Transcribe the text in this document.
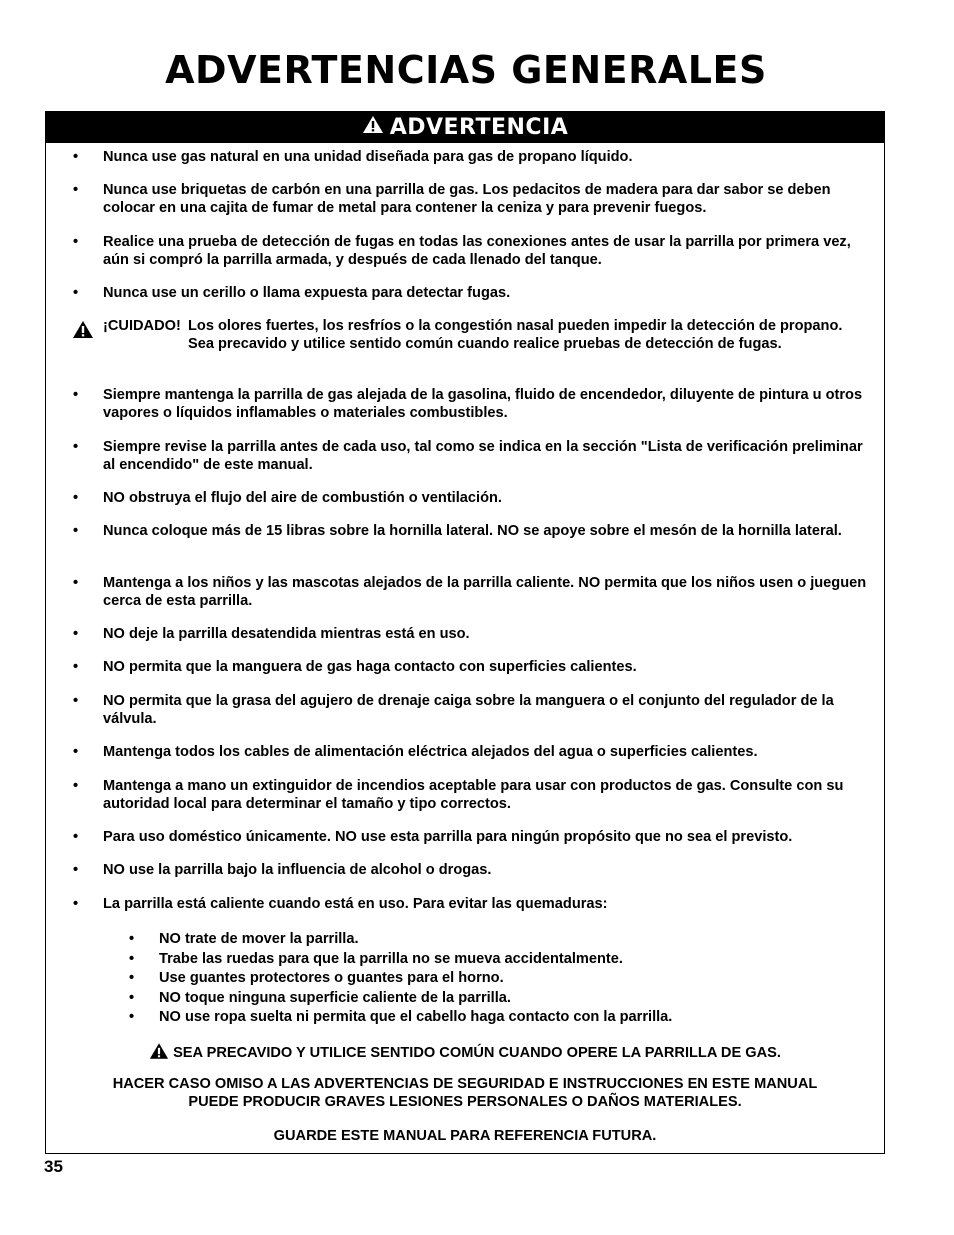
ADVERTENCIAS GENERALES
ADVERTENCIA
• Nunca use gas natural en una unidad diseñada para gas de propano líquido.
• Nunca use briquetas de carbón en una parrilla de gas. Los pedacitos de madera para dar sabor se deben colocar en una cajita de fumar de metal para contener la ceniza y para prevenir fuegos.
• Realice una prueba de detección de fugas en todas las conexiones antes de usar la parrilla por primera vez, aún si compró la parrilla armada, y después de cada llenado del tanque.
• Nunca use un cerillo o llama expuesta para detectar fugas.
¡CUIDADO! Los olores fuertes, los resfríos o la congestión nasal pueden impedir la detección de propano. Sea precavido y utilice sentido común cuando realice pruebas de detección de fugas.
• Siempre mantenga la parrilla de gas alejada de la gasolina, fluido de encendedor, diluyente de pintura u otros vapores o líquidos inflamables o materiales combustibles.
• Siempre revise la parrilla antes de cada uso, tal como se indica en la sección "Lista de verificación preliminar al encendido" de este manual.
• NO obstruya el flujo del aire de combustión o ventilación.
• Nunca coloque más de 15 libras sobre la hornilla lateral. NO se apoye sobre el mesón de la hornilla lateral.
• Mantenga a los niños y las mascotas alejados de la parrilla caliente. NO permita que los niños usen o jueguen cerca de esta parrilla.
• NO deje la parrilla desatendida mientras está en uso.
• NO permita que la manguera de gas haga contacto con superficies calientes.
• NO permita que la grasa del agujero de drenaje caiga sobre la manguera o el conjunto del regulador de la válvula.
• Mantenga todos los cables de alimentación eléctrica alejados del agua o superficies calientes.
• Mantenga a mano un extinguidor de incendios aceptable para usar con productos de gas. Consulte con su autoridad local para determinar el tamaño y tipo correctos.
• Para uso doméstico únicamente. NO use esta parrilla para ningún propósito que no sea el previsto.
• NO use la parrilla bajo la influencia de alcohol o drogas.
• La parrilla está caliente cuando está en uso. Para evitar las quemaduras:
• NO trate de mover la parrilla.
• Trabe las ruedas para que la parrilla no se mueva accidentalmente.
• Use guantes protectores o guantes para el horno.
• NO toque ninguna superficie caliente de la parrilla.
• NO use ropa suelta ni permita que el cabello haga contacto con la parrilla.
SEA PRECAVIDO Y UTILICE SENTIDO COMÚN CUANDO OPERE LA PARRILLA DE GAS.
HACER CASO OMISO A LAS ADVERTENCIAS DE SEGURIDAD E INSTRUCCIONES EN ESTE MANUAL
PUEDE PRODUCIR GRAVES LESIONES PERSONALES O DAÑOS MATERIALES.
GUARDE ESTE MANUAL PARA REFERENCIA FUTURA.
35
